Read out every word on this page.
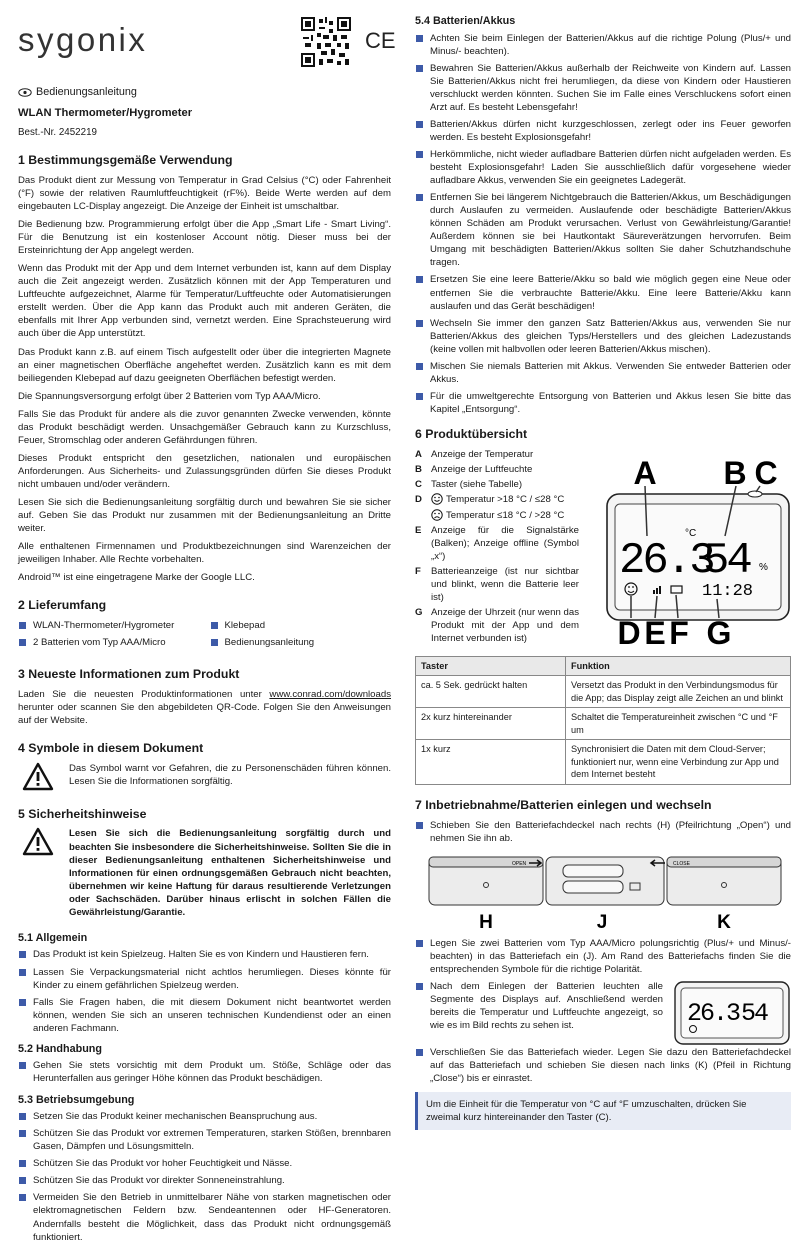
sygonix	CE
Bedienungsanleitung
WLAN Thermometer/Hygrometer
Best.-Nr. 2452219
1 Bestimmungsgemäße Verwendung

Das Produkt dient zur Messung von Temperatur in Grad Celsius (°C) oder Fahrenheit (°F) sowie der relativen Raumluftfeuchtigkeit (rF%). Beide Werte werden auf dem eingebauten LC-Display angezeigt. Die Anzeige der Einheit ist umschaltbar.

Die Bedienung bzw. Programmierung erfolgt über die App „Smart Life - Smart Living“. Für die Benutzung ist ein kostenloser Account nötig. Dieser muss bei der Ersteinrichtung der App angelegt werden.

Wenn das Produkt mit der App und dem Internet verbunden ist, kann auf dem Display auch die Zeit angezeigt werden. Zusätzlich können mit der App Temperaturen und Luftfeuchte aufgezeichnet, Alarme für Temperatur/Luftfeuchte oder Automatisierungen erstellt werden. Über die App kann das Produkt auch mit anderen Geräten, die ebenfalls mit Ihrer App verbunden sind, vernetzt werden. Eine Sprachsteuerung wird auch über die App unterstützt.

Das Produkt kann z.B. auf einem Tisch aufgestellt oder über die integrierten Magnete an einer magnetischen Oberfläche angeheftet werden. Zusätzlich kann es mit dem beiliegenden Klebepad auf dazu geeigneten Oberflächen befestigt werden.

Die Spannungsversorgung erfolgt über 2 Batterien vom Typ AAA/Micro.

Falls Sie das Produkt für andere als die zuvor genannten Zwecke verwenden, könnte das Produkt beschädigt werden. Unsachgemäßer Gebrauch kann zu Kurzschluss, Feuer, Stromschlag oder anderen Gefährdungen führen.

Dieses Produkt entspricht den gesetzlichen, nationalen und europäischen Anforderungen. Aus Sicherheits- und Zulassungsgründen dürfen Sie dieses Produkt nicht umbauen und/oder verändern.

Lesen Sie sich die Bedienungsanleitung sorgfältig durch und bewahren Sie sie sicher auf. Geben Sie das Produkt nur zusammen mit der Bedienungsanleitung an Dritte weiter.

Alle enthaltenen Firmennamen und Produktbezeichnungen sind Warenzeichen der jeweiligen Inhaber. Alle Rechte vorbehalten.

Android™ ist eine eingetragene Marke der Google LLC.

2 Lieferumfang
WLAN-Thermometer/Hygrometer	Klebepad
2 Batterien vom Typ AAA/Micro	Bedienungsanleitung
3 Neueste Informationen zum Produkt

Laden Sie die neuesten Produktinformationen unter www.conrad.com/downloads herunter oder scannen Sie den abgebildeten QR-Code. Folgen Sie den Anweisungen auf der Website.

4 Symbole in diesem Dokument

Das Symbol warnt vor Gefahren, die zu Personenschäden führen können. Lesen Sie die Informationen sorgfältig.

5 Sicherheitshinweise

Lesen Sie sich die Bedienungsanleitung sorgfältig durch und beachten Sie insbesondere die Sicherheitshinweise. Sollten Sie die in dieser Bedienungsanleitung enthaltenen Sicherheitshinweise und Informationen für einen ordnungsgemäßen Gebrauch nicht beachten, übernehmen wir keine Haftung für daraus resultierende Verletzungen oder Sachschäden. Darüber hinaus erlischt in solchen Fällen die Gewährleistung/Garantie.

5.1 Allgemein
Das Produkt ist kein Spielzeug. Halten Sie es von Kindern und Haustieren fern.
Lassen Sie Verpackungsmaterial nicht achtlos herumliegen. Dieses könnte für Kinder zu einem gefährlichen Spielzeug werden.
Falls Sie Fragen haben, die mit diesem Dokument nicht beantwortet werden können, wenden Sie sich an unseren technischen Kundendienst oder an einen anderen Fachmann.
5.2 Handhabung
Gehen Sie stets vorsichtig mit dem Produkt um. Stöße, Schläge oder das Herunterfallen aus geringer Höhe können das Produkt beschädigen.
5.3 Betriebsumgebung
Setzen Sie das Produkt keiner mechanischen Beanspruchung aus.
Schützen Sie das Produkt vor extremen Temperaturen, starken Stößen, brennbaren Gasen, Dämpfen und Lösungsmitteln.
Schützen Sie das Produkt vor hoher Feuchtigkeit und Nässe.
Schützen Sie das Produkt vor direkter Sonneneinstrahlung.
Vermeiden Sie den Betrieb in unmittelbarer Nähe von starken magnetischen oder elektromagnetischen Feldern bzw. Sendeantennen oder HF-Generatoren. Andernfalls besteht die Möglichkeit, dass das Produkt nicht ordnungsgemäß funktioniert.
5.4 Batterien/Akkus
Achten Sie beim Einlegen der Batterien/Akkus auf die richtige Polung (Plus/+ und Minus/- beachten).
Bewahren Sie Batterien/Akkus außerhalb der Reichweite von Kindern auf. Lassen Sie Batterien/Akkus nicht frei herumliegen, da diese von Kindern oder Haustieren verschluckt werden könnten. Suchen Sie im Falle eines Verschluckens sofort einen Arzt auf. Es besteht Lebensgefahr!
Batterien/Akkus dürfen nicht kurzgeschlossen, zerlegt oder ins Feuer geworfen werden. Es besteht Explosionsgefahr!
Herkömmliche, nicht wieder aufladbare Batterien dürfen nicht aufgeladen werden. Es besteht Explosionsgefahr! Laden Sie ausschließlich dafür vorgesehene wieder aufladbare Akkus, verwenden Sie ein geeignetes Ladegerät.
Entfernen Sie bei längerem Nichtgebrauch die Batterien/Akkus, um Beschädigungen durch Auslaufen zu vermeiden. Auslaufende oder beschädigte Batterien/Akkus können Schäden am Produkt verursachen. Verlust von Gewährleistung/Garantie! Außerdem können sie bei Hautkontakt Säureverätzungen hervorrufen. Beim Umgang mit beschädigten Batterien/Akkus sollten Sie daher Schutzhandschuhe tragen.
Ersetzen Sie eine leere Batterie/Akku so bald wie möglich gegen eine Neue oder entfernen Sie die verbrauchte Batterie/Akku. Eine leere Batterie/Akku kann auslaufen und das Gerät beschädigen!
Wechseln Sie immer den ganzen Satz Batterien/Akkus aus, verwenden Sie nur Batterien/Akkus des gleichen Typs/Herstellers und des gleichen Ladezustands (keine vollen mit halbvollen oder leeren Batterien/Akkus mischen).
Mischen Sie niemals Batterien mit Akkus. Verwenden Sie entweder Batterien oder Akkus.
Für die umweltgerechte Entsorgung von Batterien und Akkus lesen Sie bitte das Kapitel „Entsorgung“.
6 Produktübersicht
A Anzeige der Temperatur
B Anzeige der Luftfeuchte
C Taster (siehe Tabelle)
D	Temperatur >18 °C / ≤28 °C
Temperatur ≤18 °C / >28 °C
E Anzeige für die Signalstärke (Balken); Anzeige offline (Symbol „x“)
F	Batterieanzeige (ist nur sichtbar und blinkt, wenn die Batterie leer ist)
G Anzeige der Uhrzeit (nur wenn das Produkt mit der App und dem Internet verbunden ist)
A B C
26.3
°C
54 %
11:28
D E F G
Taster	Funktion
ca. 5 Sek. gedrückt halten	Versetzt das Produkt in den Verbindungsmodus für die App; das Display zeigt alle Zeichen an und blinkt
2x kurz hintereinander	Schaltet die Temperatureinheit zwischen °C und °F um
1x kurz	Synchronisiert die Daten mit dem Cloud-Server; funktioniert nur, wenn eine Verbindung zur App und dem Internet besteht
7 Inbetriebnahme/Batterien einlegen und wechseln
Schieben Sie den Batteriefachdeckel nach rechts (H) (Pfeilrichtung „Open“) und nehmen Sie ihn ab.
OPEN
H	J
CLOSE
K
Legen Sie zwei Batterien vom Typ AAA/Micro polungsrichtig (Plus/+ und Minus/- beachten) in das Batteriefach ein (J). Am Rand des Batteriefachs finden Sie die entsprechenden Symbole für die richtige Polarität.
Nach dem Einlegen der Batterien leuchten alle Segmente des Displays auf. Anschließend werden bereits die Temperatur und Luftfeuchte angezeigt, so wie es im Bild rechts zu sehen ist.	26.3 54
Verschließen Sie das Batteriefach wieder. Legen Sie dazu den Batteriefachdeckel auf das Batteriefach und schieben Sie diesen nach links (K) (Pfeil in Richtung „Close“) bis er einrastet.
Um die Einheit für die Temperatur von °C auf °F umzuschalten, drücken Sie zweimal kurz hintereinander den Taster (C).
